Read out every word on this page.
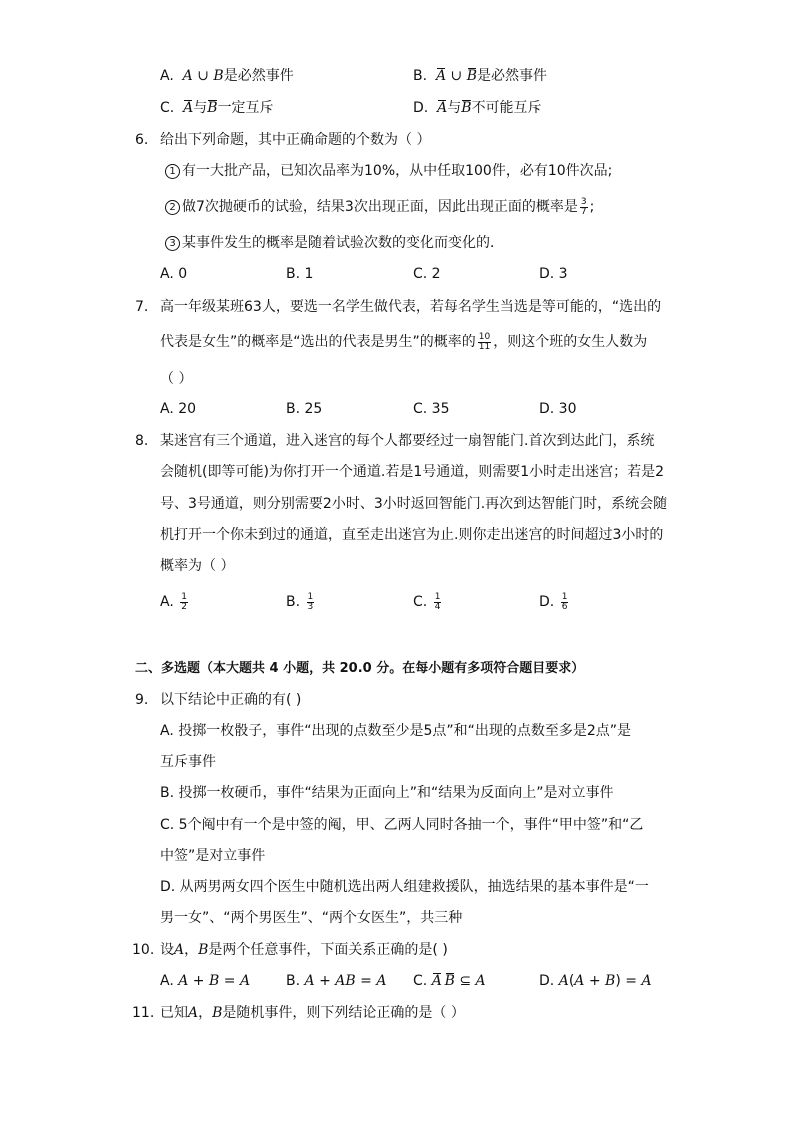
A.  A ∪ B是必然事件	B. A ∪ B是必然事件
C. A与B一定互斥	D. A与B不可能互斥
6. 给出下列命题，其中正确命题的个数为（ ）
1 有一大批产品，已知次品率为10%，从中任取100件，必有10件次品;
2 做7次抛硬币的试验，结果3次出现正面，因此出现正面的概率是 $\frac{3}{7}$ ;
3 某事件发生的概率是随着试验次数的变化而变化的．
A. 0	B. 1	C. 2	D. 3
7. 高一年级某班63人，要选一名学生做代表，若每名学生当选是等可能的，“选出的
代表是女生”的概率是“选出的代表是男生”的概率的 $\frac{10}{11}$ ，则这个班的女生人数为
（ ）
A. 20	B. 25	C. 35	D. 30
8. 某迷宫有三个通道，进入迷宫的每个人都要经过一扇智能门.首次到达此门，系统
会随机(即等可能)为你打开一个通道.若是1号通道，则需要1小时走出迷宫；若是2
号、3号通道，则分别需要2小时、3小时返回智能门.再次到达智能门时，系统会随
机打开一个你未到过的通道，直至走出迷宫为止.则你走出迷宫的时间超过3小时的
概率为（ ）
A. $\frac{1}{2}$	B. $\frac{1}{3}$	C. $\frac{1}{4}$	D. $\frac{1}{6}$
二、多选题（本大题共 4 小题，共 20.0 分。在每小题有多项符合题目要求）
9. 以下结论中正确的有( )
A. 投掷一枚骰子，事件“出现的点数至少是5点”和“出现的点数至多是2点”是
互斥事件
B. 投掷一枚硬币，事件“结果为正面向上”和“结果为反面向上”是对立事件
C. 5个阄中有一个是中签的阄，甲、乙两人同时各抽一个，事件“甲中签”和“乙
中签”是对立事件
D. 从两男两女四个医生中随机选出两人组建救援队，抽选结果的基本事件是“一
男一女”、“两个男医生”、“两个女医生”，共三种
10. 设A，B是两个任意事件，下面关系正确的是( )
A. A + B = A	B. A + AB = A C. A  B ⊆ A	D. A(A + B) = A
11. 已知A，B是随机事件，则下列结论正确的是（ ）
